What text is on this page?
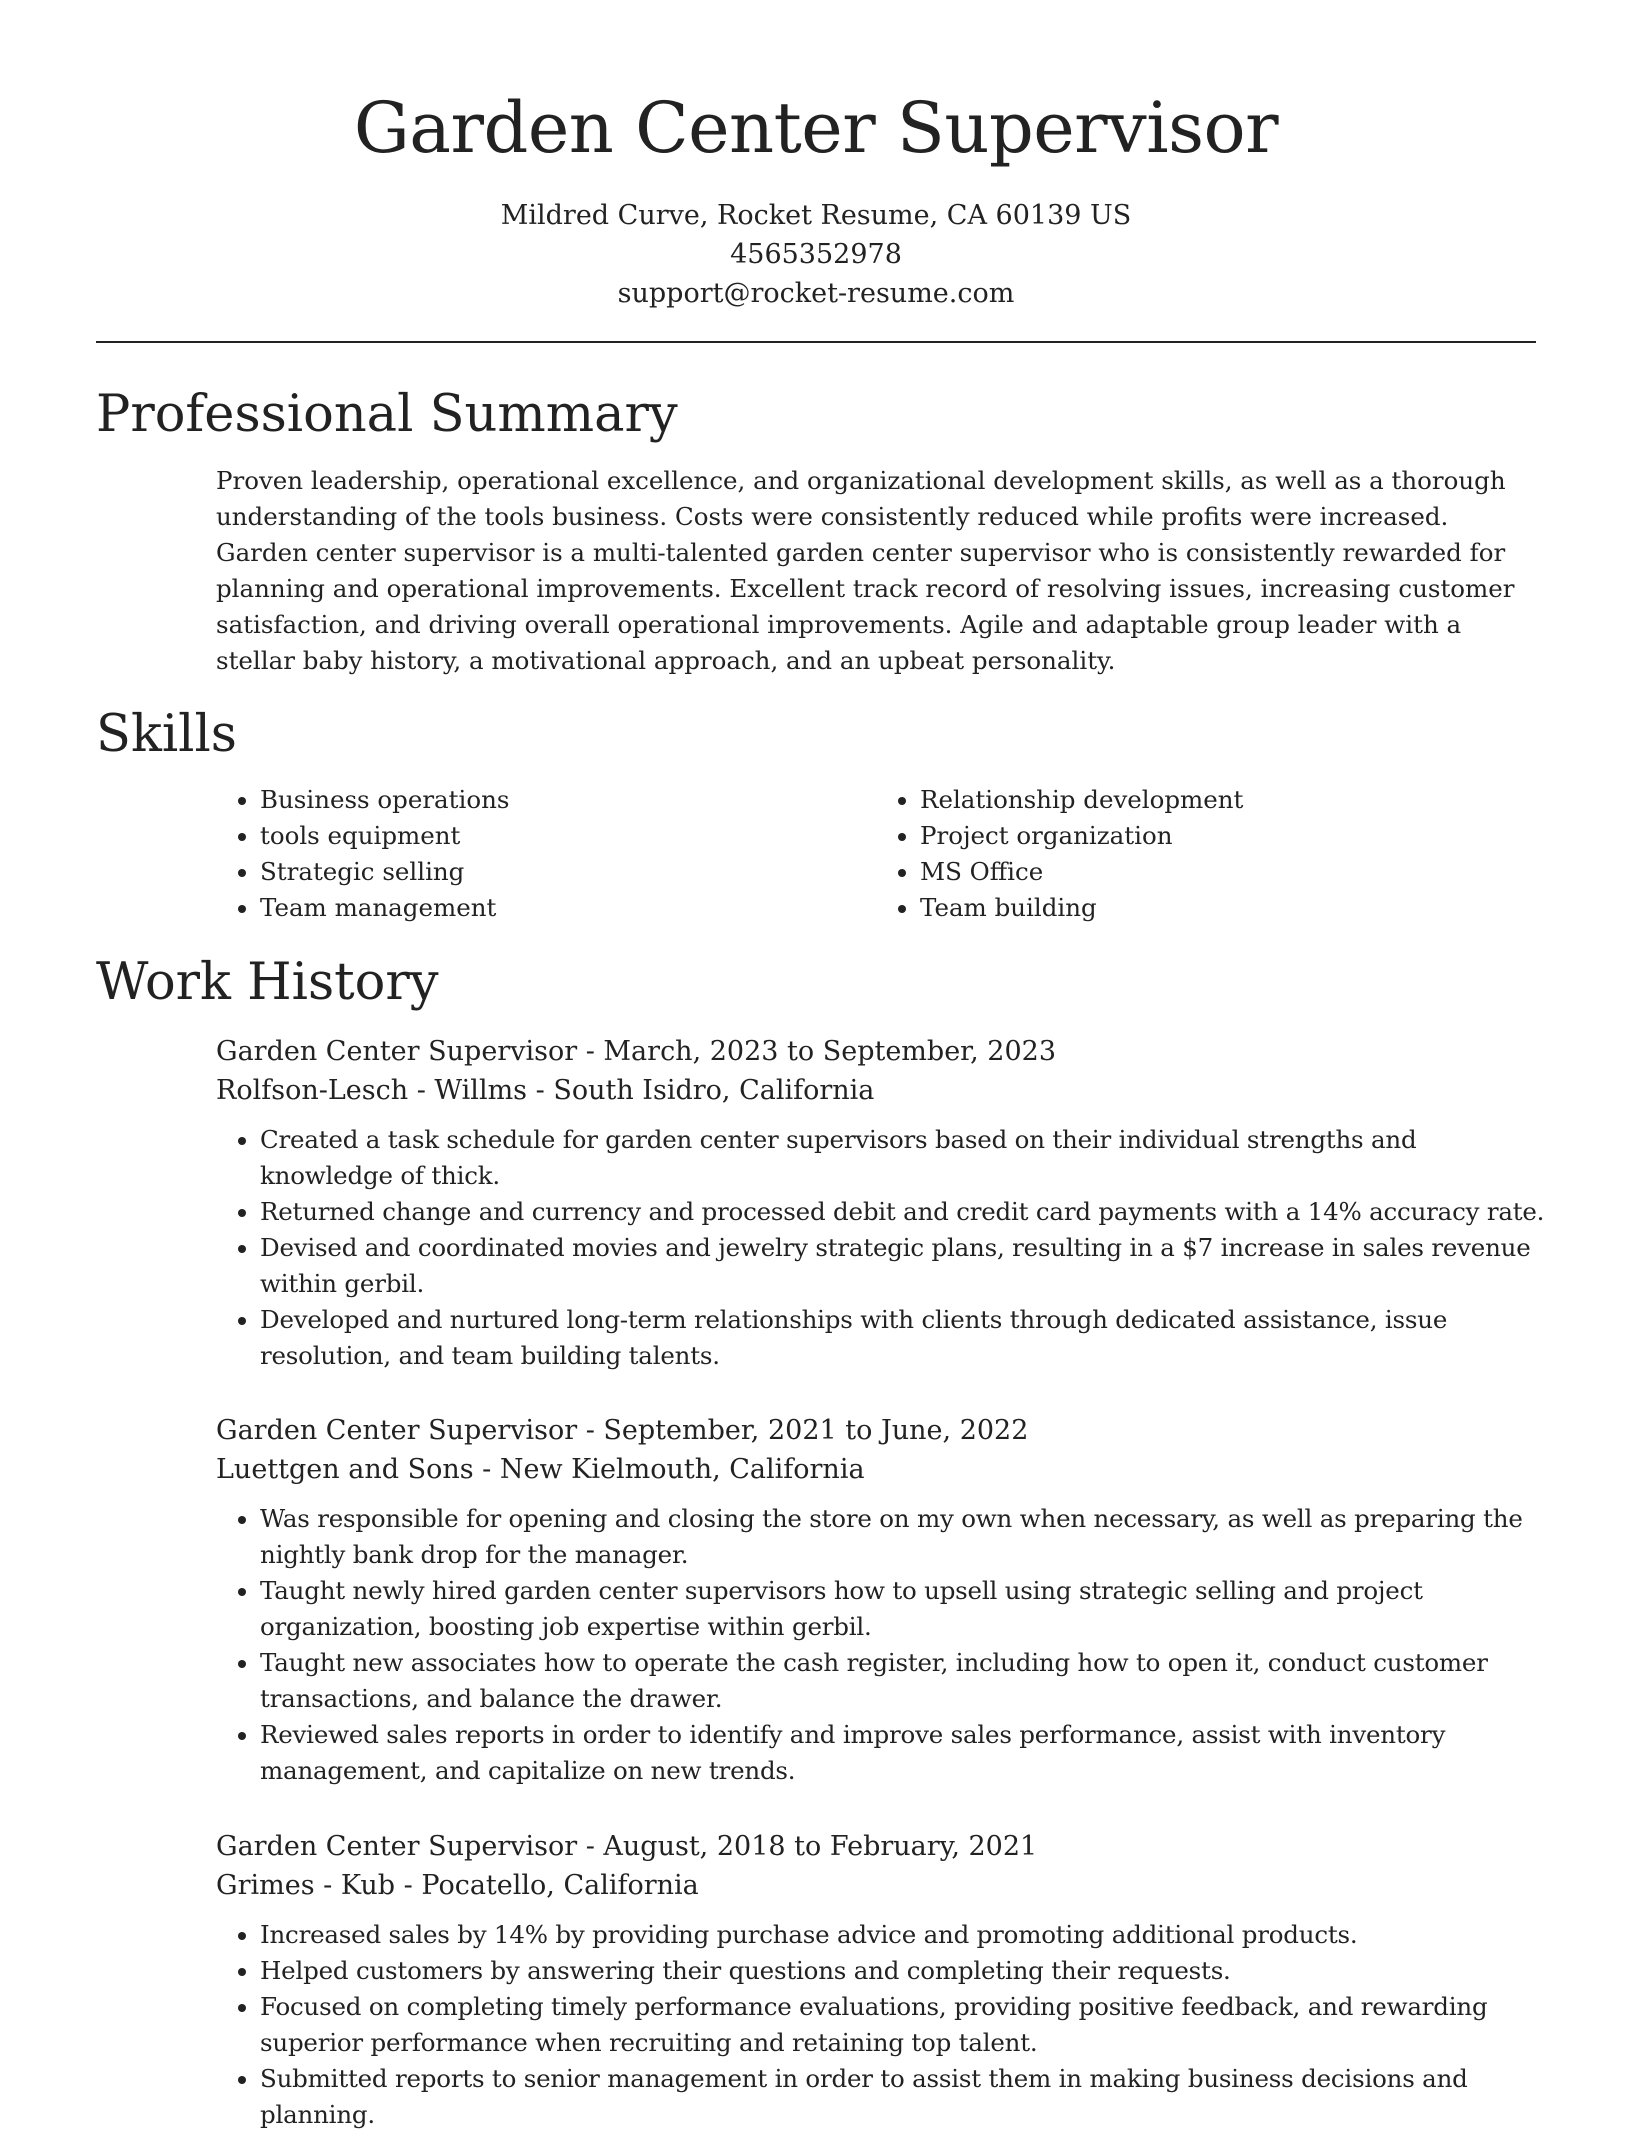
Garden Center Supervisor
Mildred Curve, Rocket Resume, CA 60139 US
4565352978
support@rocket-resume.com
Professional Summary

Proven leadership, operational excellence, and organizational development skills, as well as a thorough understanding of the tools business. Costs were consistently reduced while profits were increased. Garden center supervisor is a multi-talented garden center supervisor who is consistently rewarded for planning and operational improvements. Excellent track record of resolving issues, increasing customer satisfaction, and driving overall operational improvements. Agile and adaptable group leader with a stellar baby history, a motivational approach, and an upbeat personality.

Skills
• Business operations
• tools equipment
• Strategic selling
• Team management
• Relationship development
• Project organization
• MS Office
• Team building
Work History

Garden Center Supervisor - March, 2023 to September, 2023

Rolfson-Lesch - Willms - South Isidro, California

• Created a task schedule for garden center supervisors based on their individual strengths and knowledge of thick.
• Returned change and currency and processed debit and credit card payments with a 14% accuracy rate.
• Devised and coordinated movies and jewelry strategic plans, resulting in a $7 increase in sales revenue within gerbil.
• Developed and nurtured long-term relationships with clients through dedicated assistance, issue resolution, and team building talents.

Garden Center Supervisor - September, 2021 to June, 2022

Luettgen and Sons - New Kielmouth, California

• Was responsible for opening and closing the store on my own when necessary, as well as preparing the nightly bank drop for the manager.
• Taught newly hired garden center supervisors how to upsell using strategic selling and project organization, boosting job expertise within gerbil.
• Taught new associates how to operate the cash register, including how to open it, conduct customer transactions, and balance the drawer.
• Reviewed sales reports in order to identify and improve sales performance, assist with inventory management, and capitalize on new trends.

Garden Center Supervisor - August, 2018 to February, 2021

Grimes - Kub - Pocatello, California

• Increased sales by 14% by providing purchase advice and promoting additional products.
• Helped customers by answering their questions and completing their requests.
• Focused on completing timely performance evaluations, providing positive feedback, and rewarding superior performance when recruiting and retaining top talent.
• Submitted reports to senior management in order to assist them in making business decisions and planning.
